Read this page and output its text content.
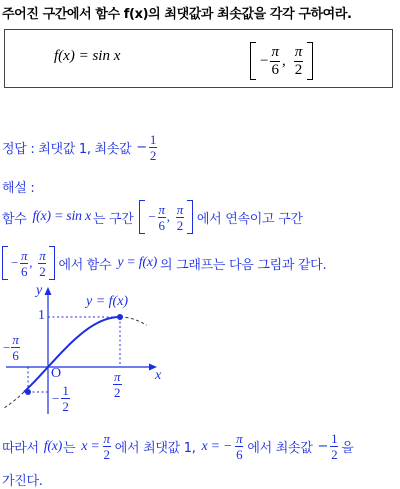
주어진 구간에서 함수 f(x)의 최댓값과 최솟값을 각각 구하여라.
f(x) = sin x	− $\frac{\pi}{6}$ , $\frac{\pi}{2}$
정답 : 최댓값 1, 최솟값 − $\frac{1}{2}$
해설 :
함수 f(x) = sin x 는 구간 − $\frac{\pi}{6}$ , $\frac{\pi}{2}$ 에서 연속이고 구간
− $\frac{\pi}{6}$ , $\frac{\pi}{2}$ 에서 함수 y = f(x) 의 그래프는 다음 그림과 같다.
y
x
y = f(x)
1
O
− $\frac{\pi}{6}$
$\frac{\pi}{2}$
− $\frac{1}{2}$
따라서 f(x) 는 $x = \frac{\pi}{2}$ 에서 최댓값 1, x = − $\frac{\pi}{6}$ 에서 최솟값 − $\frac{1}{2}$ 을
가진다.
